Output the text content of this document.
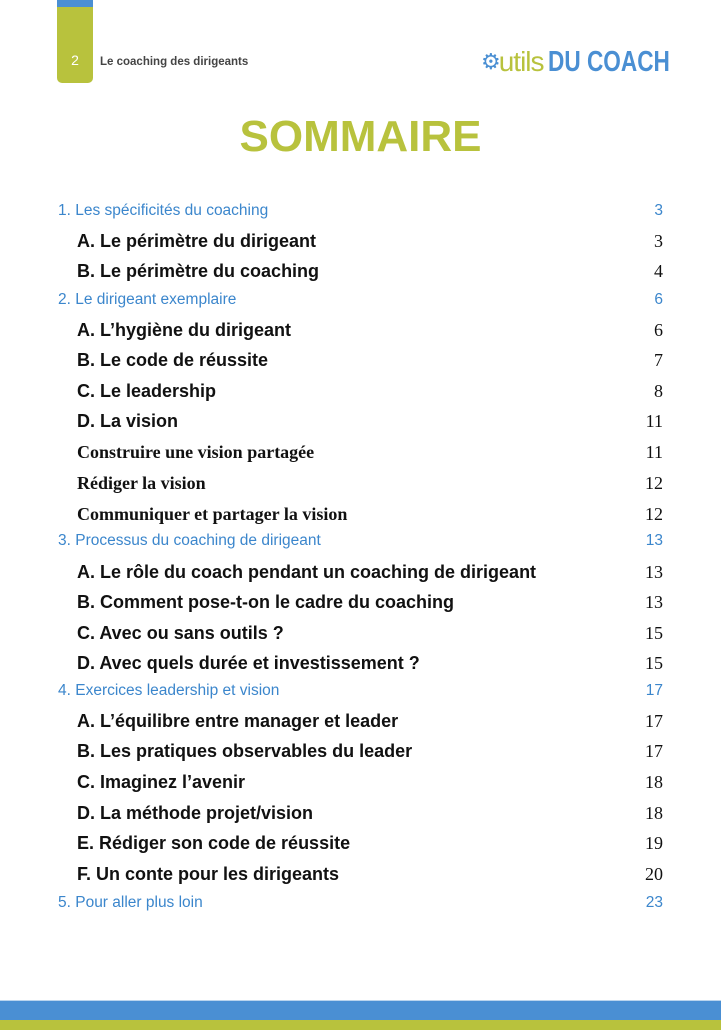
2	Le coaching des dirigeants	⚙
utils DU COACH
SOMMAIRE
1. Les spécificités du coaching	3
A. Le périmètre du dirigeant	3
B. Le périmètre du coaching	4
2. Le dirigeant exemplaire	6
A. L’hygiène du dirigeant	6
B. Le code de réussite	7
C. Le leadership	8
D. La vision	11
Construire une vision partagée	11
Rédiger la vision	12
Communiquer et partager la vision	12
3. Processus du coaching de dirigeant	13
A. Le rôle du coach pendant un coaching de dirigeant	13
B. Comment pose-t-on le cadre du coaching	13
C. Avec ou sans outils ?	15
D. Avec quels durée et investissement ?	15
4. Exercices leadership et vision	17
A. L’équilibre entre manager et leader	17
B. Les pratiques observables du leader	17
C. Imaginez l’avenir	18
D. La méthode projet/vision	18
E. Rédiger son code de réussite	19
F. Un conte pour les dirigeants	20
5. Pour aller plus loin	23
